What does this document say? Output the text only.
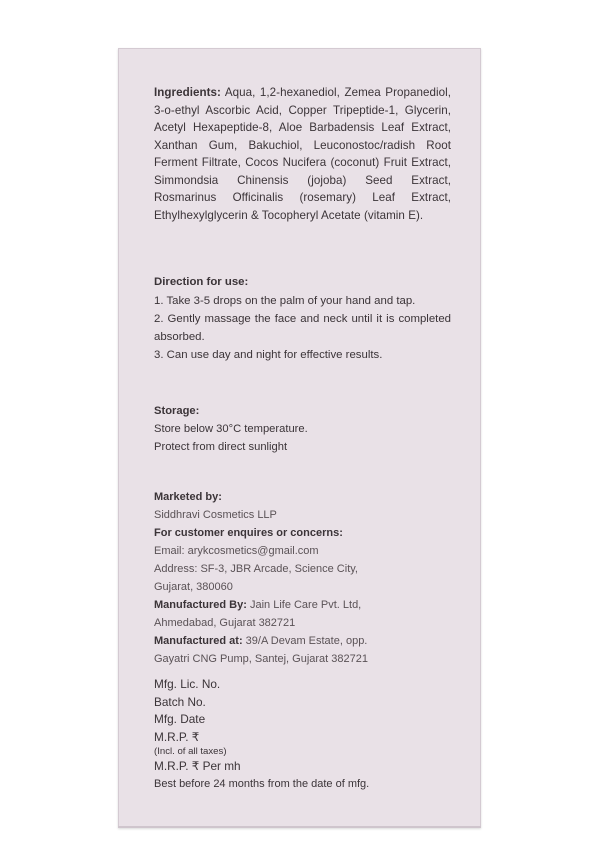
Ingredients: Aqua, 1,2-hexanediol, Zemea Propanediol, 3-o-ethyl Ascorbic Acid, Copper Tripeptide-1, Glycerin, Acetyl Hexapeptide-8, Aloe Barbadensis Leaf Extract, Xanthan Gum, Bakuchiol, Leuconostoc/radish Root Ferment Filtrate, Cocos Nucifera (coconut) Fruit Extract, Simmondsia Chinensis (jojoba) Seed Extract, Rosmarinus Officinalis (rosemary) Leaf Extract, Ethylhexylglycerin & Tocopheryl Acetate (vitamin E).
Direction for use:
1. Take 3-5 drops on the palm of your hand and tap.
2. Gently massage the face and neck until it is completed absorbed.
3. Can use day and night for effective results.
Storage:
Store below 30°C temperature.
Protect from direct sunlight
Marketed by:
Siddhravi Cosmetics LLP
For customer enquires or concerns:
Email: arykcosmetics@gmail.com
Address: SF-3, JBR Arcade, Science City,
Gujarat, 380060
Manufactured By: Jain Life Care Pvt. Ltd,
Ahmedabad, Gujarat 382721
Manufactured at: 39/A Devam Estate, opp.
Gayatri CNG Pump, Santej, Gujarat 382721
Mfg. Lic. No.
Batch No.
Mfg. Date
M.R.P. ₹
(Incl. of all taxes)
M.R.P. ₹ Per mh
Best before 24 months from the date of mfg.
